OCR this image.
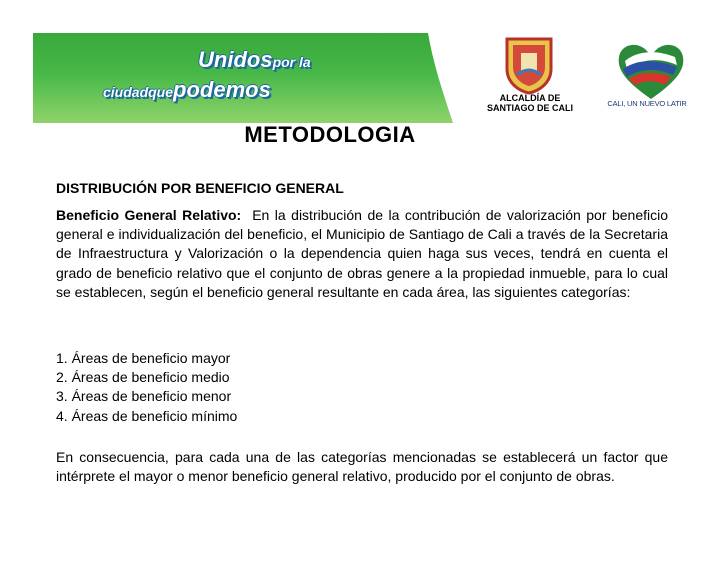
Unidospor la
ciudadquepodemos	ALCALDÍA DE
SANTIAGO DE CALI	CALI, UN NUEVO LATIR
METODOLOGIA

DISTRIBUCIÓN POR BENEFICIO GENERAL

Beneficio General Relativo: En la distribución de la contribución de valorización por beneficio general e individualización del beneficio, el Municipio de Santiago de Cali a través de la Secretaria de Infraestructura y Valorización o la dependencia quien haga sus veces, tendrá en cuenta el grado de beneficio relativo que el conjunto de obras genere a la propiedad inmueble, para lo cual se establecen, según el beneficio general resultante en cada área, las siguientes categorías:

1. Áreas de beneficio mayor
2. Áreas de beneficio medio
3. Áreas de beneficio menor
4. Áreas de beneficio mínimo

En consecuencia, para cada una de las categorías mencionadas se establecerá un factor que intérprete el mayor o menor beneficio general relativo, producido por el conjunto de obras.
